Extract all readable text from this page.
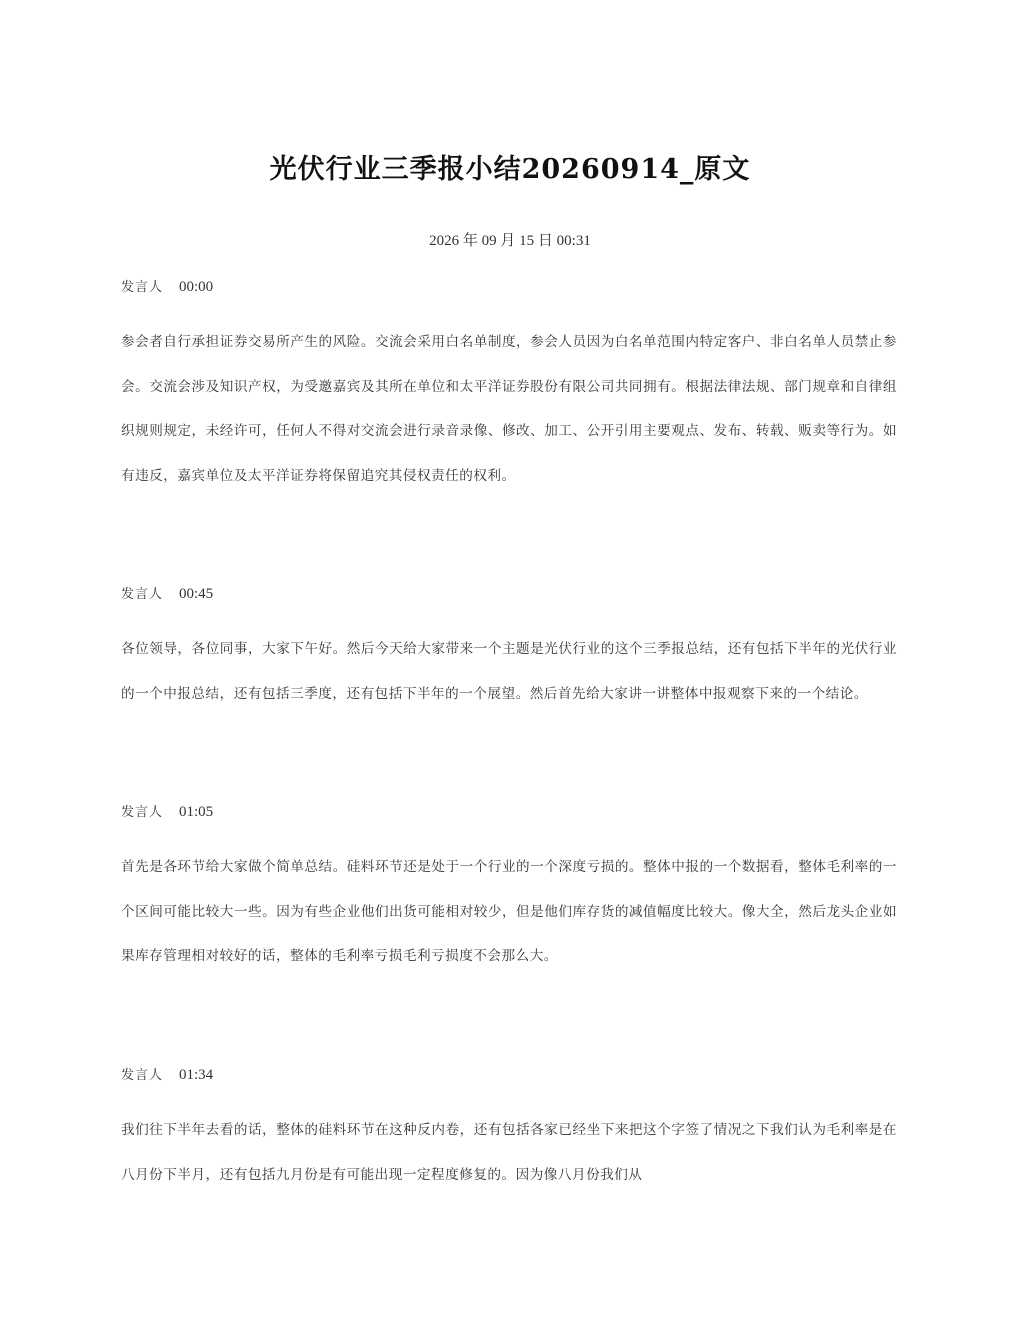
光伏行业三季报小结20260914_原文
2026 年 09 月 15 日 00:31
发言人 00:00

参会者自行承担证券交易所产生的风险。交流会采用白名单制度，参会人员因为白名单范围内特定客户、非白名单人员禁止参会。交流会涉及知识产权，为受邀嘉宾及其所在单位和太平洋证券股份有限公司共同拥有。根据法律法规、部门规章和自律组织规则规定，未经许可，任何人不得对交流会进行录音录像、修改、加工、公开引用主要观点、发布、转载、贩卖等行为。如有违反，嘉宾单位及太平洋证券将保留追究其侵权责任的权利。

发言人 00:45

各位领导，各位同事，大家下午好。然后今天给大家带来一个主题是光伏行业的这个三季报总结，还有包括下半年的光伏行业的一个中报总结，还有包括三季度，还有包括下半年的一个展望。然后首先给大家讲一讲整体中报观察下来的一个结论。

发言人 01:05

首先是各环节给大家做个简单总结。硅料环节还是处于一个行业的一个深度亏损的。整体中报的一个数据看，整体毛利率的一个区间可能比较大一些。因为有些企业他们出货可能相对较少，但是他们库存货的减值幅度比较大。像大全，然后龙头企业如果库存管理相对较好的话，整体的毛利率亏损毛利亏损度不会那么大。

发言人 01:34

我们往下半年去看的话，整体的硅料环节在这种反内卷，还有包括各家已经坐下来把这个字签了情况之下我们认为毛利率是在八月份下半月，还有包括九月份是有可能出现一定程度修复的。因为像八月份我们从
